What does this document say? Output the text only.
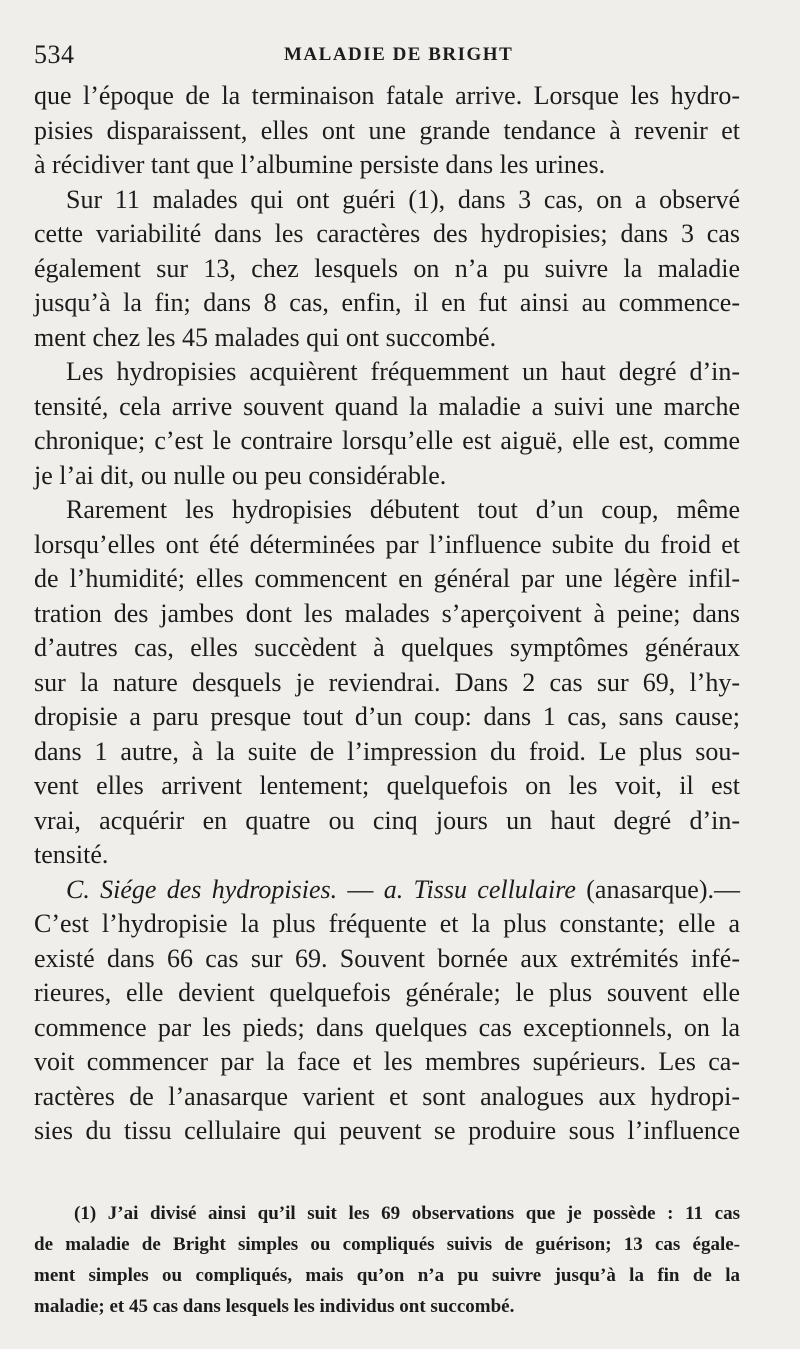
534	MALADIE DE BRIGHT
que l’époque de la terminaison fatale arrive. Lorsque les hydro-
pisies disparaissent, elles ont une grande tendance à revenir et
à récidiver tant que l’albumine persiste dans les urines.
Sur 11 malades qui ont guéri (1), dans 3 cas, on a observé
cette variabilité dans les caractères des hydropisies; dans 3 cas
également sur 13, chez lesquels on n’a pu suivre la maladie
jusqu’à la fin; dans 8 cas, enfin, il en fut ainsi au commence-
ment chez les 45 malades qui ont succombé.
Les hydropisies acquièrent fréquemment un haut degré d’in-
tensité, cela arrive souvent quand la maladie a suivi une marche
chronique; c’est le contraire lorsqu’elle est aiguë, elle est, comme
je l’ai dit, ou nulle ou peu considérable.
Rarement les hydropisies débutent tout d’un coup, même
lorsqu’elles ont été déterminées par l’influence subite du froid et
de l’humidité; elles commencent en général par une légère infil-
tration des jambes dont les malades s’aperçoivent à peine; dans
d’autres cas, elles succèdent à quelques symptômes généraux
sur la nature desquels je reviendrai. Dans 2 cas sur 69, l’hy-
dropisie a paru presque tout d’un coup: dans 1 cas, sans cause;
dans 1 autre, à la suite de l’impression du froid. Le plus sou-
vent elles arrivent lentement; quelquefois on les voit, il est
vrai, acquérir en quatre ou cinq jours un haut degré d’in-
tensité.
C. Siége des hydropisies. — a. Tissu cellulaire (anasarque).—
C’est l’hydropisie la plus fréquente et la plus constante; elle a
existé dans 66 cas sur 69. Souvent bornée aux extrémités infé-
rieures, elle devient quelquefois générale; le plus souvent elle
commence par les pieds; dans quelques cas exceptionnels, on la
voit commencer par la face et les membres supérieurs. Les ca-
ractères de l’anasarque varient et sont analogues aux hydropi-
sies du tissu cellulaire qui peuvent se produire sous l’influence
(1) J’ai divisé ainsi qu’il suit les 69 observations que je possède : 11 cas
de maladie de Bright simples ou compliqués suivis de guérison; 13 cas égale-
ment simples ou compliqués, mais qu’on n’a pu suivre jusqu’à la fin de la
maladie; et 45 cas dans lesquels les individus ont succombé.
